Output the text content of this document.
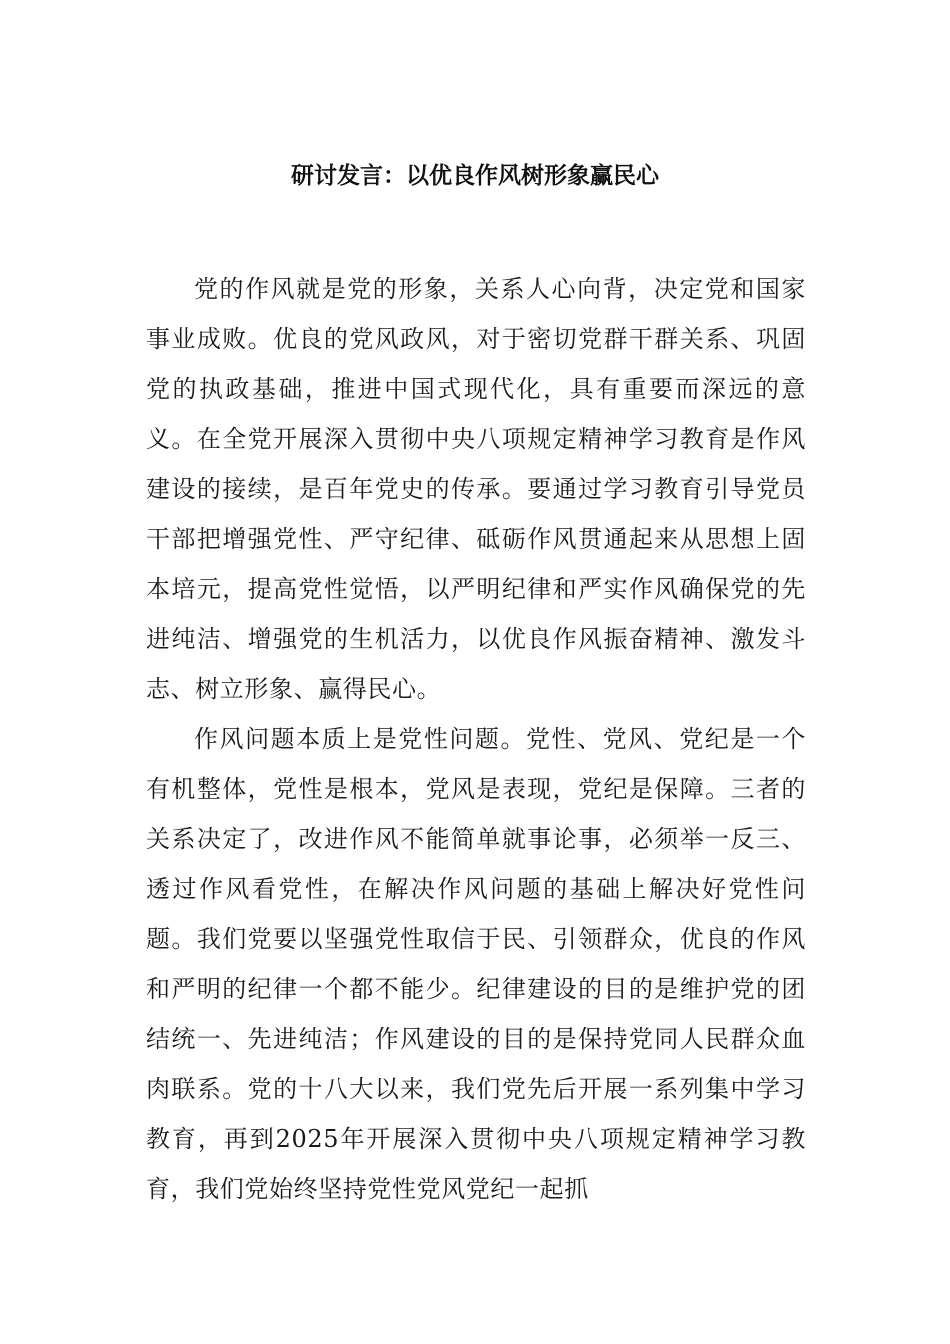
研讨发言：以优良作风树形象赢民心

党的作风就是党的形象，关系人心向背，决定党和国家事业成败。优良的党风政风，对于密切党群干群关系、巩固党的执政基础，推进中国式现代化，具有重要而深远的意义。在全党开展深入贯彻中央八项规定精神学习教育是作风建设的接续，是百年党史的传承。要通过学习教育引导党员干部把增强党性、严守纪律、砥砺作风贯通起来从思想上固本培元，提高党性觉悟，以严明纪律和严实作风确保党的先进纯洁、增强党的生机活力，以优良作风振奋精神、激发斗志、树立形象、赢得民心。

作风问题本质上是党性问题。党性、党风、党纪是一个有机整体，党性是根本，党风是表现，党纪是保障。三者的关系决定了，改进作风不能简单就事论事，必须举一反三、透过作风看党性，在解决作风问题的基础上解决好党性问题。我们党要以坚强党性取信于民、引领群众，优良的作风和严明的纪律一个都不能少。纪律建设的目的是维护党的团结统一、先进纯洁；作风建设的目的是保持党同人民群众血肉联系。党的十八大以来，我们党先后开展一系列集中学习教育，再到2025年开展深入贯彻中央八项规定精神学习教育，我们党始终坚持党性党风党纪一起抓
